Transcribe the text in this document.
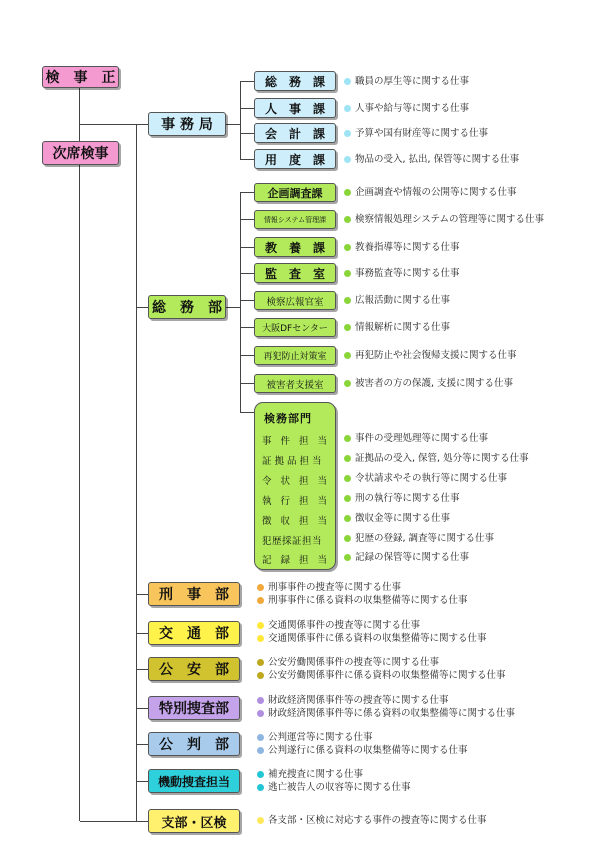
検　事　正
次席検事
事 務 局
総　務　課
人　事　課
会　計　課
用　度　課
職員の厚生等に関する仕事
人事や給与等に関する仕事
予算や国有財産等に関する仕事
物品の受入, 払出, 保管等に関する仕事
総　務　部
企画調査課
情報システム管理課
教　養　課
監　査　室
検察広報官室
大阪DFセンター
再犯防止対策室
被害者支援室
企画調査や情報の公開等に関する仕事
検察情報処理システムの管理等に関する仕事
教養指導等に関する仕事
事務監査等に関する仕事
広報活動に関する仕事
情報解析に関する仕事
再犯防止や社会復帰支援に関する仕事
被害者の方の保護, 支援に関する仕事
検務部門
事 件 担 当
証拠品担当
令 状 担 当
執 行 担 当
徴 収 担 当
犯歴採証担当
記 録 担 当
事件の受理処理等に関する仕事
証拠品の受入, 保管, 処分等に関する仕事
令状請求やその執行等に関する仕事
刑の執行等に関する仕事
徴収金等に関する仕事
犯歴の登録, 調査等に関する仕事
記録の保管等に関する仕事
刑　事　部	刑事事件の捜査等に関する仕事
刑事事件に係る資料の収集整備等に関する仕事
交　通　部
交通関係事件の捜査等に関する仕事
交通関係事件に係る資料の収集整備等に関する仕事
公　安　部	公安労働関係事件の捜査等に関する仕事
公安労働関係事件に係る資料の収集整備等に関する仕事
特別捜査部
財政経済関係事件等の捜査等に関する仕事
財政経済関係事件等に係る資料の収集整備等に関する仕事
公　判　部	公判運営等に関する仕事
公判遂行に係る資料の収集整備等に関する仕事
機動捜査担当	補充捜査に関する仕事
逃亡被告人の収容等に関する仕事
支部・区検	各支部・区検に対応する事件の捜査等に関する仕事
